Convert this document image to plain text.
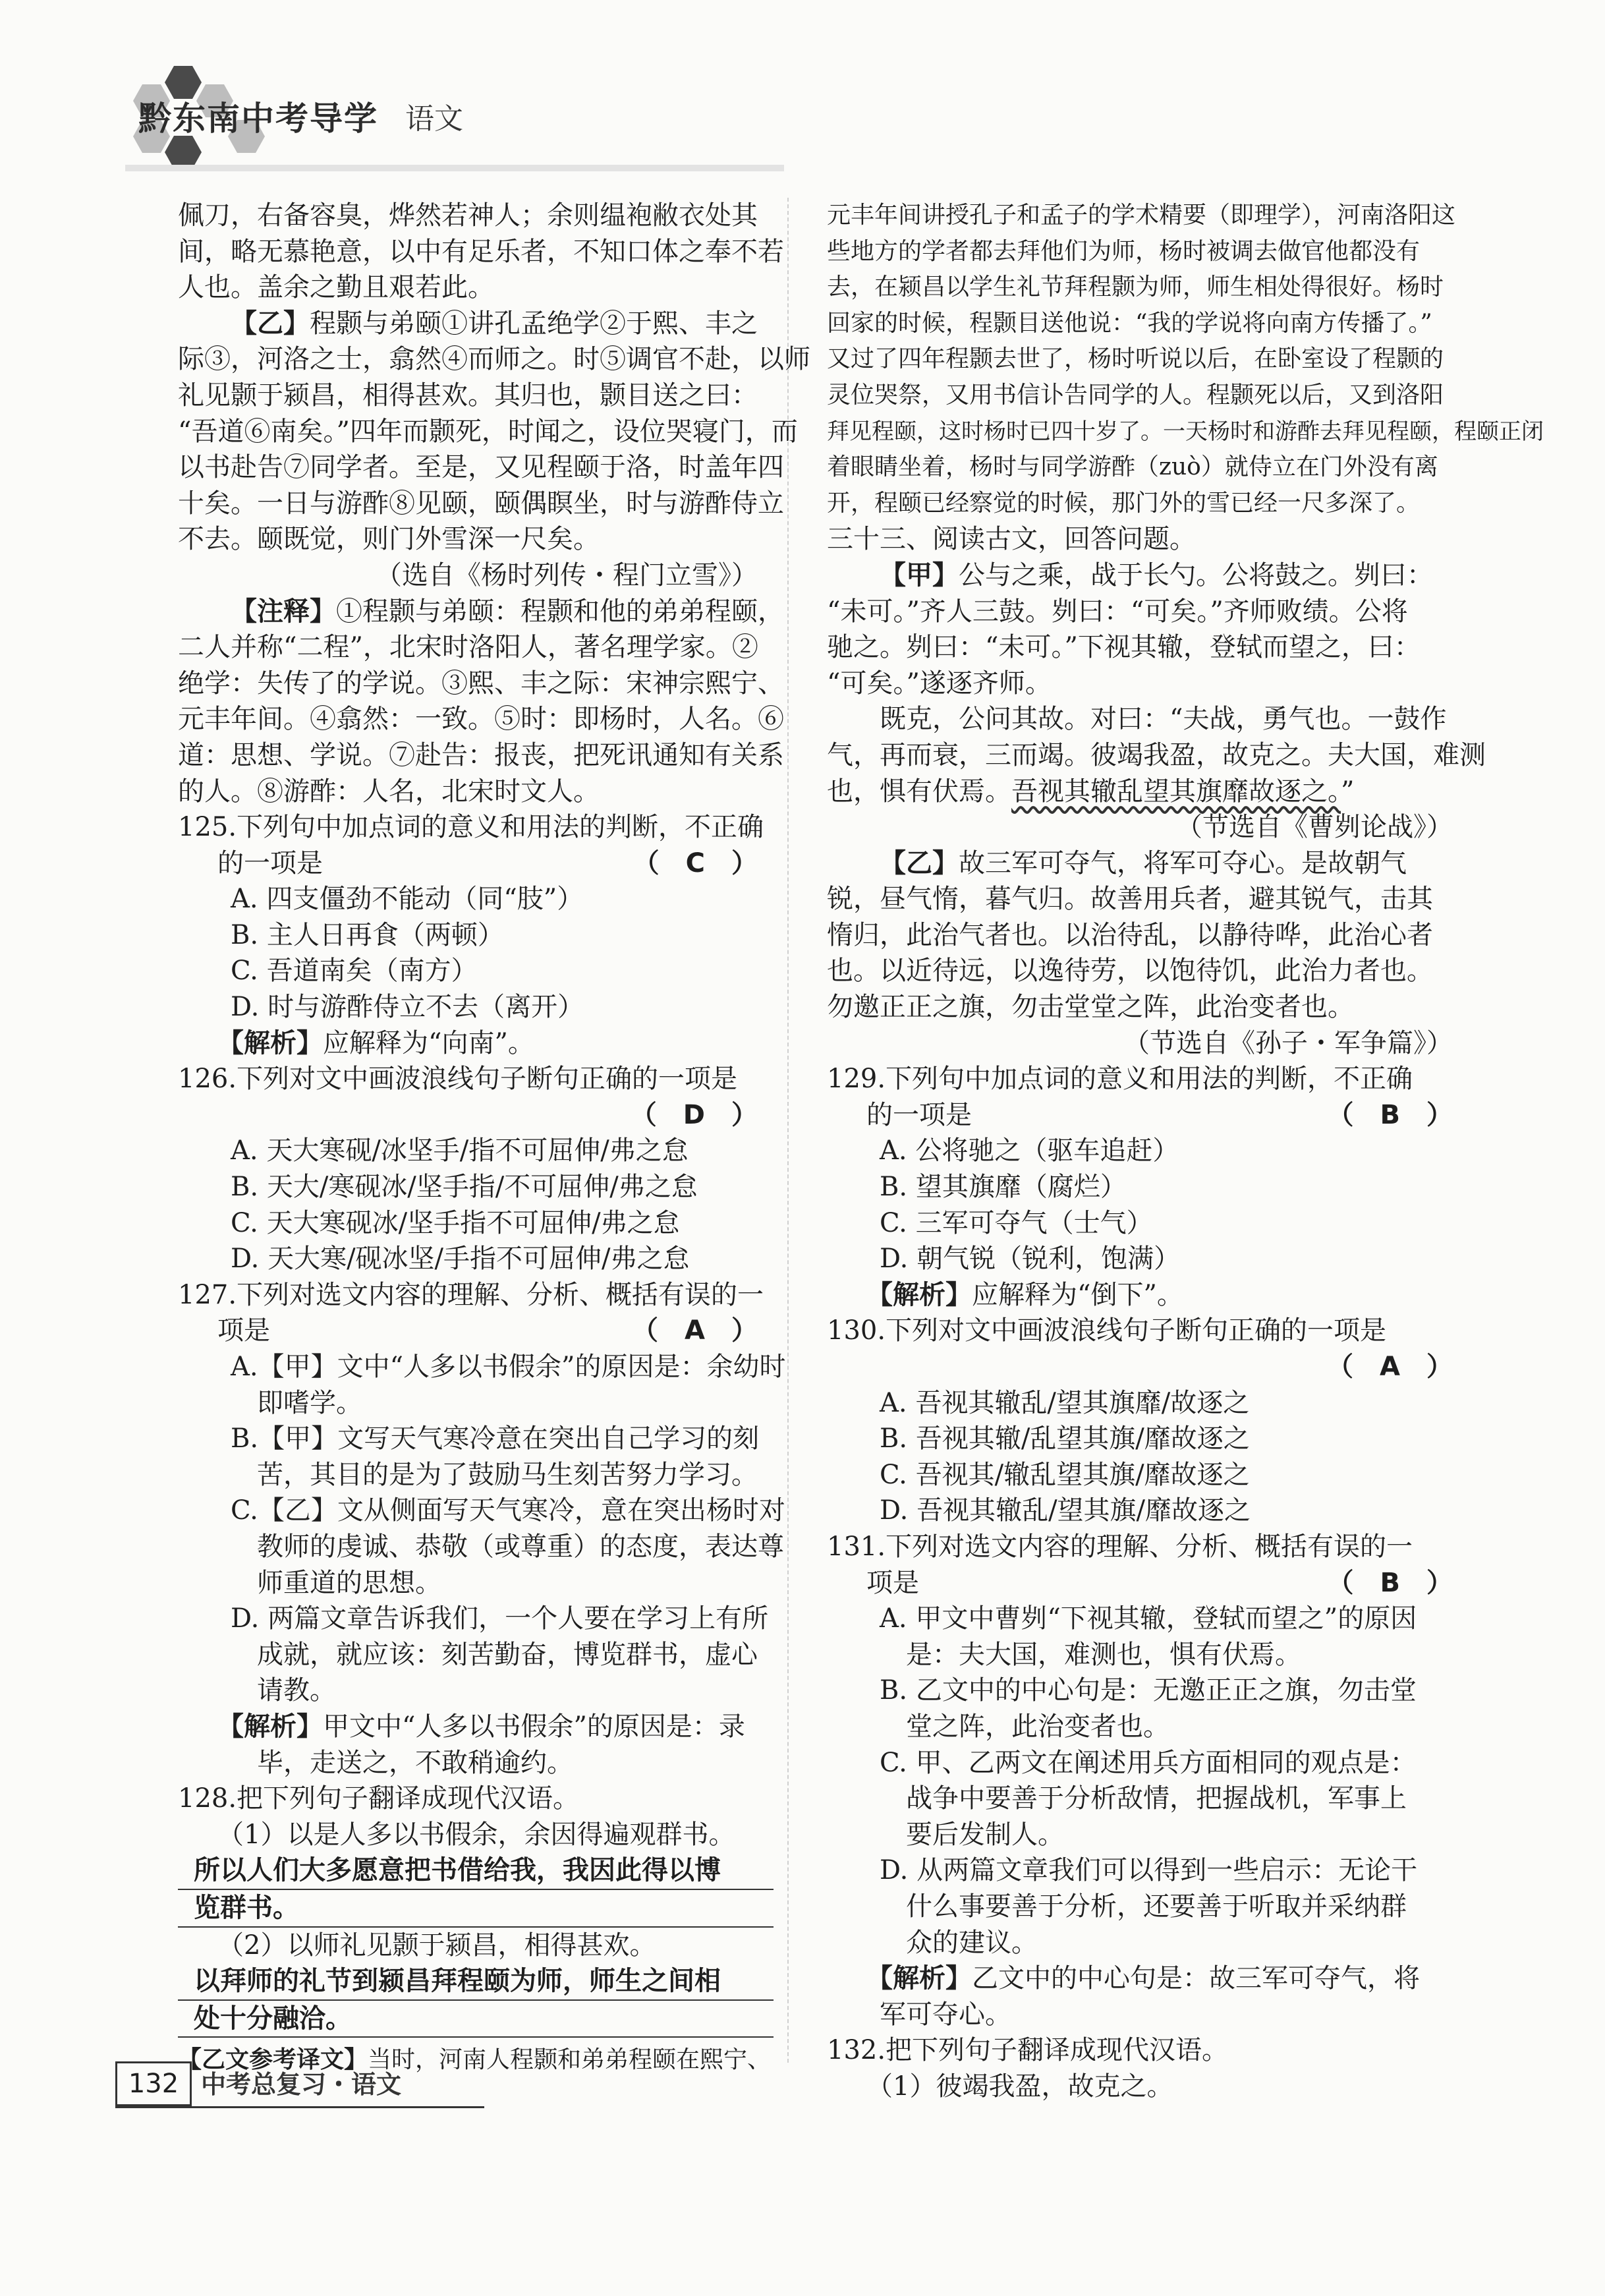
黔东南中考导学 语文

佩刀，右备容臭，烨然若神人；余则缊袍敝衣处其

间，略无慕艳意，以中有足乐者，不知口体之奉不若

人也。盖余之勤且艰若此。

【乙】程颢与弟颐①讲孔孟绝学②于熙、丰之

际③，河洛之士，翕然④而师之。时⑤调官不赴，以师

礼见颢于颍昌，相得甚欢。其归也，颢目送之曰：

“吾道⑥南矣。”四年而颢死，时闻之，设位哭寝门，而

以书赴告⑦同学者。至是，又见程颐于洛，时盖年四

十矣。一日与游酢⑧见颐，颐偶瞑坐，时与游酢侍立

不去。颐既觉，则门外雪深一尺矣。

（选自《杨时列传・程门立雪》）

【注释】①程颢与弟颐：程颢和他的弟弟程颐，

二人并称“二程”，北宋时洛阳人，著名理学家。②

绝学：失传了的学说。③熙、丰之际：宋神宗熙宁、

元丰年间。④翕然：一致。⑤时：即杨时，人名。⑥

道：思想、学说。⑦赴告：报丧，把死讯通知有关系

的人。⑧游酢：人名，北宋时文人。

125.下列句中加点词的意义和用法的判断，不正确

的一项是	（　C　）

A. 四支僵劲不能动（同“肢”）

B. 主人日再食（两顿）

C. 吾道南矣（南方）

D. 时与游酢侍立不去（离开）

【解析】应解释为“向南”。

126.下列对文中画波浪线句子断句正确的一项是

（　D　）

A. 天大寒砚/冰坚手/指不可屈伸/弗之怠

B. 天大/寒砚冰/坚手指/不可屈伸/弗之怠

C. 天大寒砚冰/坚手指不可屈伸/弗之怠

D. 天大寒/砚冰坚/手指不可屈伸/弗之怠

127.下列对选文内容的理解、分析、概括有误的一

项是	（　A　）

A.【甲】文中“人多以书假余”的原因是：余幼时

即嗜学。

B.【甲】文写天气寒冷意在突出自己学习的刻

苦，其目的是为了鼓励马生刻苦努力学习。

C.【乙】文从侧面写天气寒冷，意在突出杨时对

教师的虔诚、恭敬（或尊重）的态度，表达尊

师重道的思想。

D. 两篇文章告诉我们，一个人要在学习上有所

成就，就应该：刻苦勤奋，博览群书，虚心

请教。

【解析】甲文中“人多以书假余”的原因是：录

毕，走送之，不敢稍逾约。

128.把下列句子翻译成现代汉语。

（1）以是人多以书假余，余因得遍观群书。

所以人们大多愿意把书借给我，我因此得以博
览群书。

（2）以师礼见颢于颍昌，相得甚欢。

以拜师的礼节到颍昌拜程颐为师，师生之间相
处十分融洽。

【乙文参考译文】当时，河南人程颢和弟弟程颐在熙宁、

元丰年间讲授孔子和孟子的学术精要（即理学），河南洛阳这

些地方的学者都去拜他们为师，杨时被调去做官他都没有

去，在颍昌以学生礼节拜程颢为师，师生相处得很好。杨时

回家的时候，程颢目送他说：“我的学说将向南方传播了。”

又过了四年程颢去世了，杨时听说以后，在卧室设了程颢的

灵位哭祭，又用书信讣告同学的人。程颢死以后，又到洛阳

拜见程颐，这时杨时已四十岁了。一天杨时和游酢去拜见程颐，程颐正闭

着眼睛坐着，杨时与同学游酢（zuò）就侍立在门外没有离

开，程颐已经察觉的时候，那门外的雪已经一尺多深了。

三十三、阅读古文，回答问题。

【甲】公与之乘，战于长勺。公将鼓之。刿曰：

“未可。”齐人三鼓。刿曰：“可矣。”齐师败绩。公将

驰之。刿曰：“未可。”下视其辙，登轼而望之，曰：

“可矣。”遂逐齐师。

既克，公问其故。对曰：“夫战，勇气也。一鼓作

气，再而衰，三而竭。彼竭我盈，故克之。夫大国，难测

也，惧有伏焉。吾视其辙乱望其旗靡故逐之。”

（节选自《曹刿论战》）

【乙】故三军可夺气，将军可夺心。是故朝气

锐，昼气惰，暮气归。故善用兵者，避其锐气，击其

惰归，此治气者也。以治待乱，以静待哗，此治心者

也。以近待远，以逸待劳，以饱待饥，此治力者也。

勿邀正正之旗，勿击堂堂之阵，此治变者也。

（节选自《孙子・军争篇》）

129.下列句中加点词的意义和用法的判断，不正确

的一项是	（　B　）

A. 公将驰之（驱车追赶）

B. 望其旗靡（腐烂）

C. 三军可夺气（士气）

D. 朝气锐（锐利，饱满）

【解析】应解释为“倒下”。

130.下列对文中画波浪线句子断句正确的一项是

（　A　）

A. 吾视其辙乱/望其旗靡/故逐之

B. 吾视其辙/乱望其旗/靡故逐之

C. 吾视其/辙乱望其旗/靡故逐之

D. 吾视其辙乱/望其旗/靡故逐之

131.下列对选文内容的理解、分析、概括有误的一

项是	（　B　）

A. 甲文中曹刿“下视其辙，登轼而望之”的原因

是：夫大国，难测也，惧有伏焉。

B. 乙文中的中心句是：无邀正正之旗，勿击堂

堂之阵，此治变者也。

C. 甲、乙两文在阐述用兵方面相同的观点是：

战争中要善于分析敌情，把握战机，军事上

要后发制人。

D. 从两篇文章我们可以得到一些启示：无论干

什么事要善于分析，还要善于听取并采纳群

众的建议。

【解析】乙文中的中心句是：故三军可夺气，将

军可夺心。

132.把下列句子翻译成现代汉语。

（1）彼竭我盈，故克之。

132 中考总复习・语文
